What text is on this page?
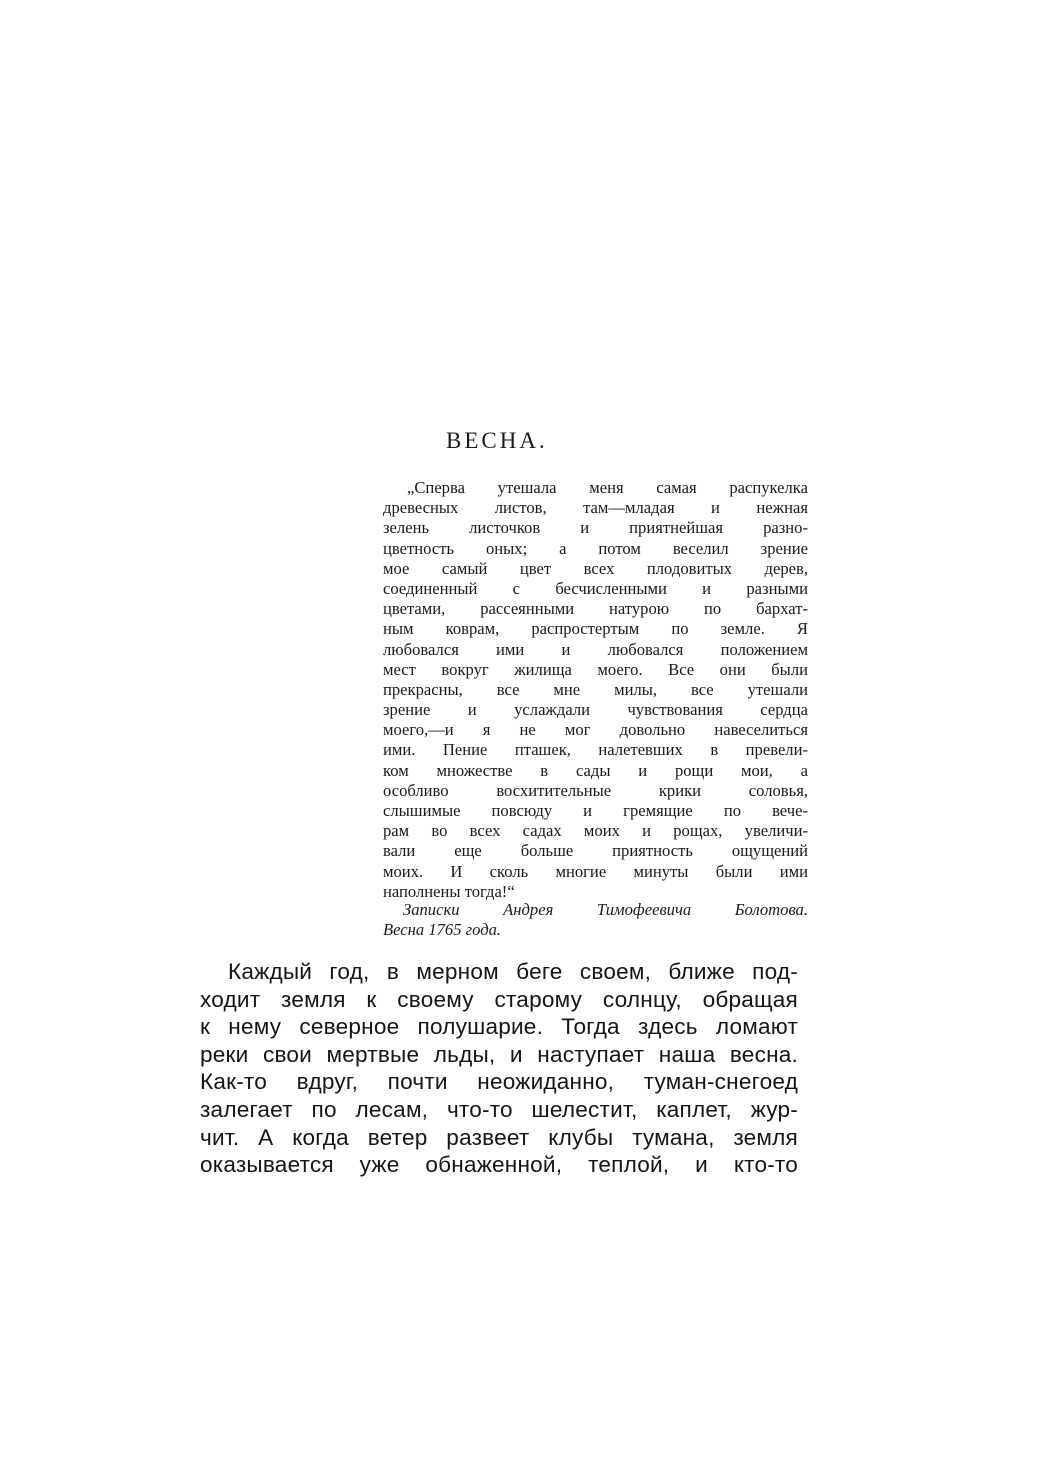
ВЕСНА.
„Сперва утешала меня самая распукелка
древесных листов, там—младая и нежная
зелень листочков и приятнейшая разно-
цветность оных; а потом веселил зрение
мое самый цвет всех плодовитых дерев,
соединенный с бесчисленными и разными
цветами, рассеянными натурою по бархат-
ным коврам, распростертым по земле. Я
любовался ими и любовался положением
мест вокруг жилища моего. Все они были
прекрасны, все мне милы, все утешали
зрение и услаждали чувствования сердца
моего,—и я не мог довольно навеселиться
ими. Пение пташек, налетевших в превели-
ком множестве в сады и рощи мои, а
особливо восхитительные крики соловья,
слышимые повсюду и гремящие по вече-
рам во всех садах моих и рощах, увеличи-
вали еще больше приятность ощущений
моих. И сколь многие минуты были ими
наполнены тогда!“
Записки Андрея Тимофеевича Болотова.
Весна 1765 года.
Каждый год, в мерном беге своем, ближе под-
ходит земля к своему старому солнцу, обращая
к нему северное полушарие. Тогда здесь ломают
реки свои мертвые льды, и наступает наша весна.
Как-то вдруг, почти неожиданно, туман-снегоед
залегает по лесам, что-то шелестит, каплет, жур-
чит. А когда ветер развеет клубы тумана, земля
оказывается уже обнаженной, теплой, и кто-то
